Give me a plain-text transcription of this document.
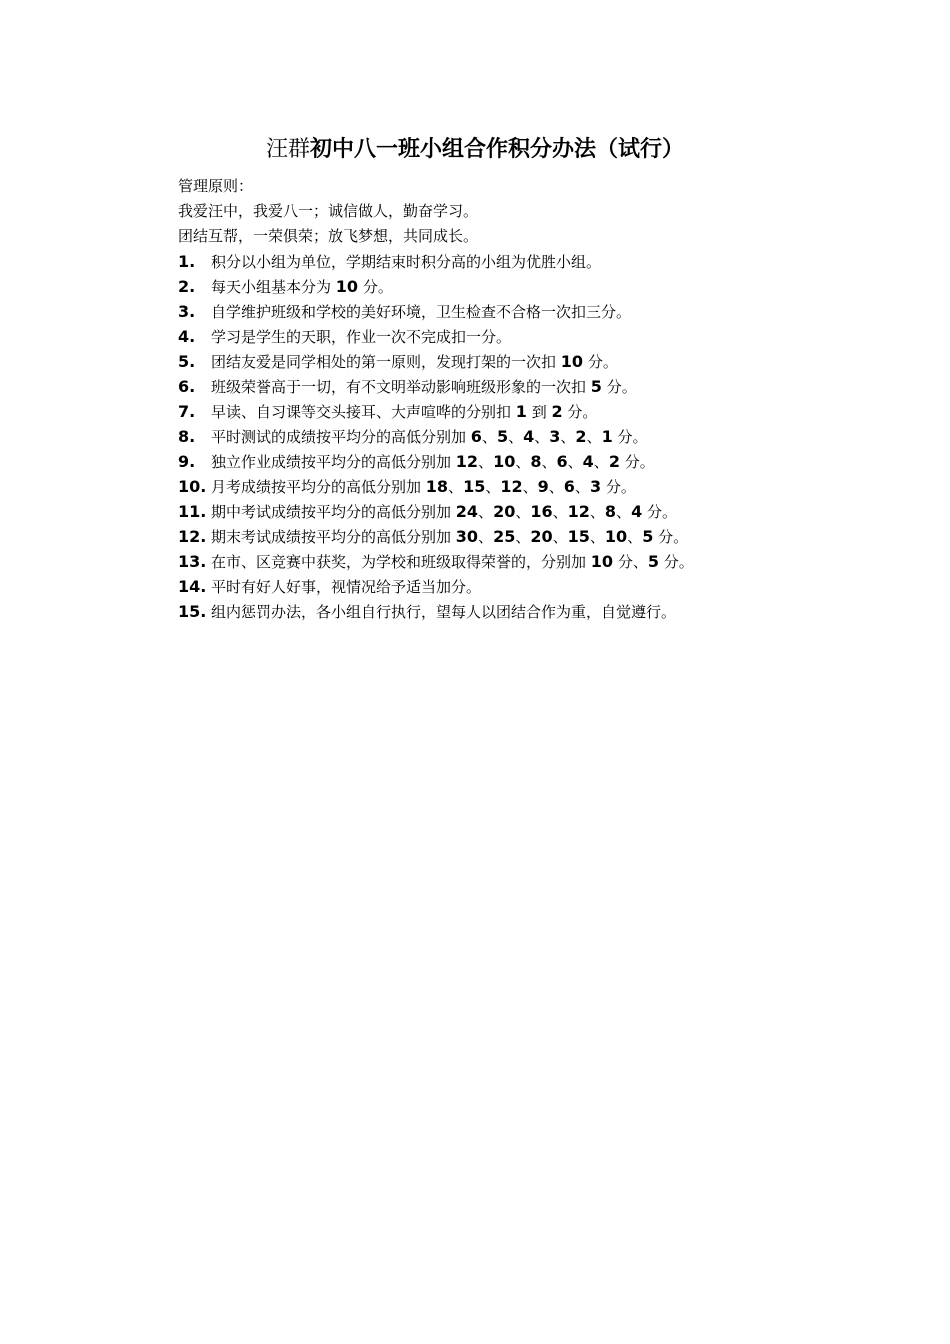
汪群初中八一班小组合作积分办法（试行）
管理原则：
我爱汪中，我爱八一；诚信做人，勤奋学习。
团结互帮，一荣俱荣；放飞梦想，共同成长。
1.	积分以小组为单位，学期结束时积分高的小组为优胜小组。
2.	每天小组基本分为 10 分。
3.	自学维护班级和学校的美好环境，卫生检查不合格一次扣三分。
4.	学习是学生的天职，作业一次不完成扣一分。
5.	团结友爱是同学相处的第一原则，发现打架的一次扣 10 分。
6.	班级荣誉高于一切，有不文明举动影响班级形象的一次扣 5 分。
7.	早读、自习课等交头接耳、大声喧哗的分别扣 1 到 2 分。
8.	平时测试的成绩按平均分的高低分别加 6、5、4、3、2、1 分。
9.	独立作业成绩按平均分的高低分别加 12、10、8、6、4、2 分。
10. 月考成绩按平均分的高低分别加 18、15、12、9、6、3 分。
11. 期中考试成绩按平均分的高低分别加 24、20、16、12、8、4 分。
12. 期末考试成绩按平均分的高低分别加 30、25、20、15、10、5 分。
13. 在市、区竞赛中获奖，为学校和班级取得荣誉的，分别加 10 分、5 分。
14. 平时有好人好事，视情况给予适当加分。
15. 组内惩罚办法，各小组自行执行，望每人以团结合作为重，自觉遵行。
